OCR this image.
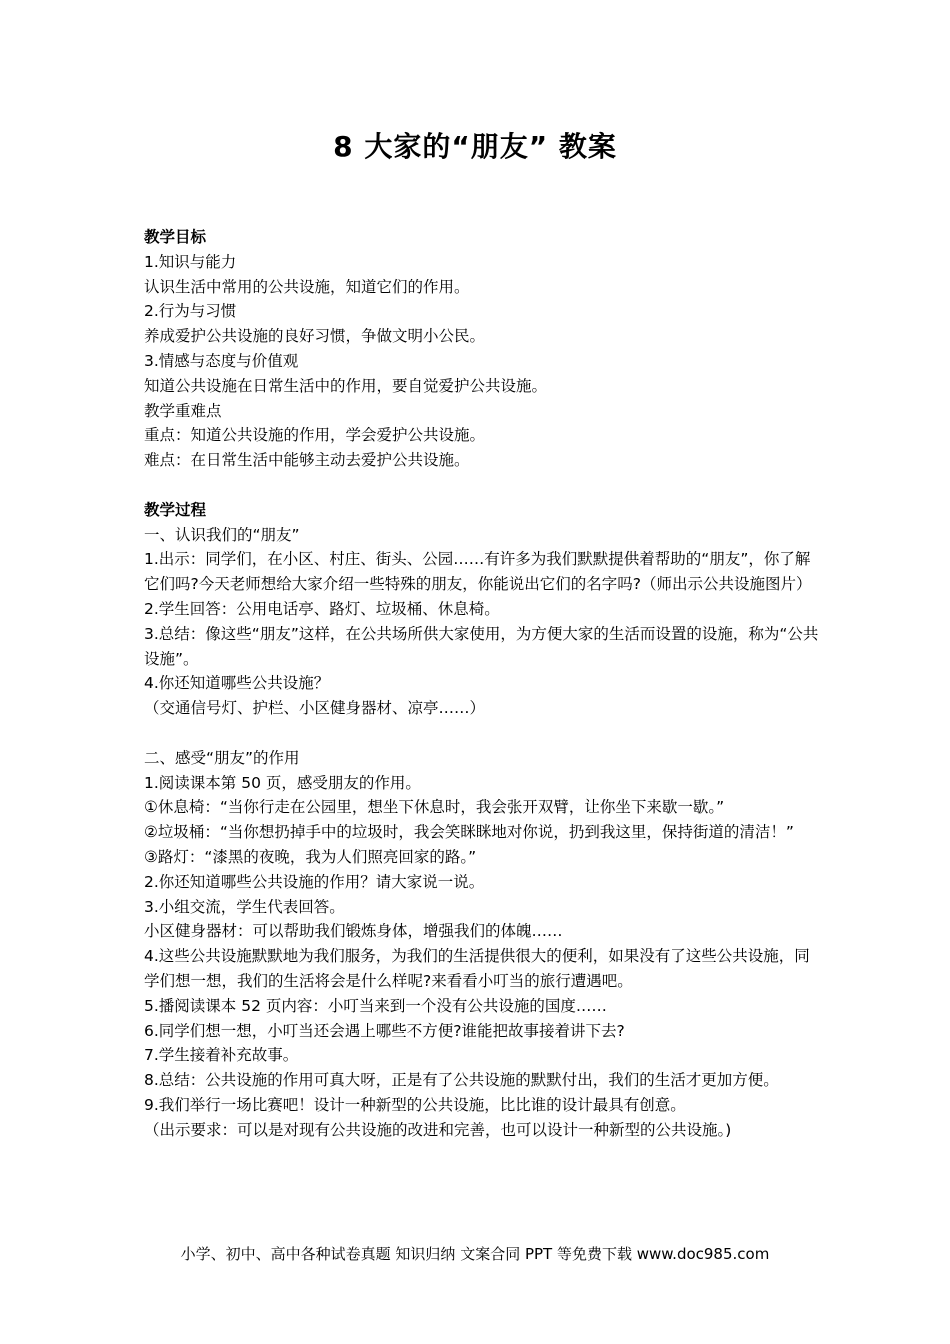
8 大家的“朋友” 教案

教学目标

1.知识与能力

认识生活中常用的公共设施，知道它们的作用。

2.行为与习惯

养成爱护公共设施的良好习惯，争做文明小公民。

3.情感与态度与价值观

知道公共设施在日常生活中的作用，要自觉爱护公共设施。

教学重难点

重点：知道公共设施的作用，学会爱护公共设施。

难点：在日常生活中能够主动去爱护公共设施。

教学过程

一、认识我们的“朋友”

1.出示：同学们，在小区、村庄、街头、公园……有许多为我们默默提供着帮助的“朋友”，你了解它们吗?今天老师想给大家介绍一些特殊的朋友，你能说出它们的名字吗?（师出示公共设施图片）

2.学生回答：公用电话亭、路灯、垃圾桶、休息椅。

3.总结：像这些“朋友”这样，在公共场所供大家使用，为方便大家的生活而设置的设施，称为“公共设施”。

4.你还知道哪些公共设施？

（交通信号灯、护栏、小区健身器材、凉亭……）

二、感受“朋友”的作用

1.阅读课本第 50 页，感受朋友的作用。

①休息椅：“当你行走在公园里，想坐下休息时，我会张开双臂，让你坐下来歇一歇。”

②垃圾桶：“当你想扔掉手中的垃圾时，我会笑眯眯地对你说，扔到我这里，保持街道的清洁！”

③路灯：“漆黑的夜晚，我为人们照亮回家的路。”

2.你还知道哪些公共设施的作用？请大家说一说。

3.小组交流，学生代表回答。

小区健身器材：可以帮助我们锻炼身体，增强我们的体魄……

4.这些公共设施默默地为我们服务，为我们的生活提供很大的便利，如果没有了这些公共设施，同学们想一想，我们的生活将会是什么样呢?来看看小叮当的旅行遭遇吧。

5.播阅读课本 52 页内容：小叮当来到一个没有公共设施的国度……

6.同学们想一想，小叮当还会遇上哪些不方便?谁能把故事接着讲下去?

7.学生接着补充故事。

8.总结：公共设施的作用可真大呀，正是有了公共设施的默默付出，我们的生活才更加方便。

9.我们举行一场比赛吧！设计一种新型的公共设施，比比谁的设计最具有创意。

（出示要求：可以是对现有公共设施的改进和完善，也可以设计一种新型的公共设施。)

小学、初中、高中各种试卷真题 知识归纳 文案合同 PPT 等免费下载 www.doc985.com
